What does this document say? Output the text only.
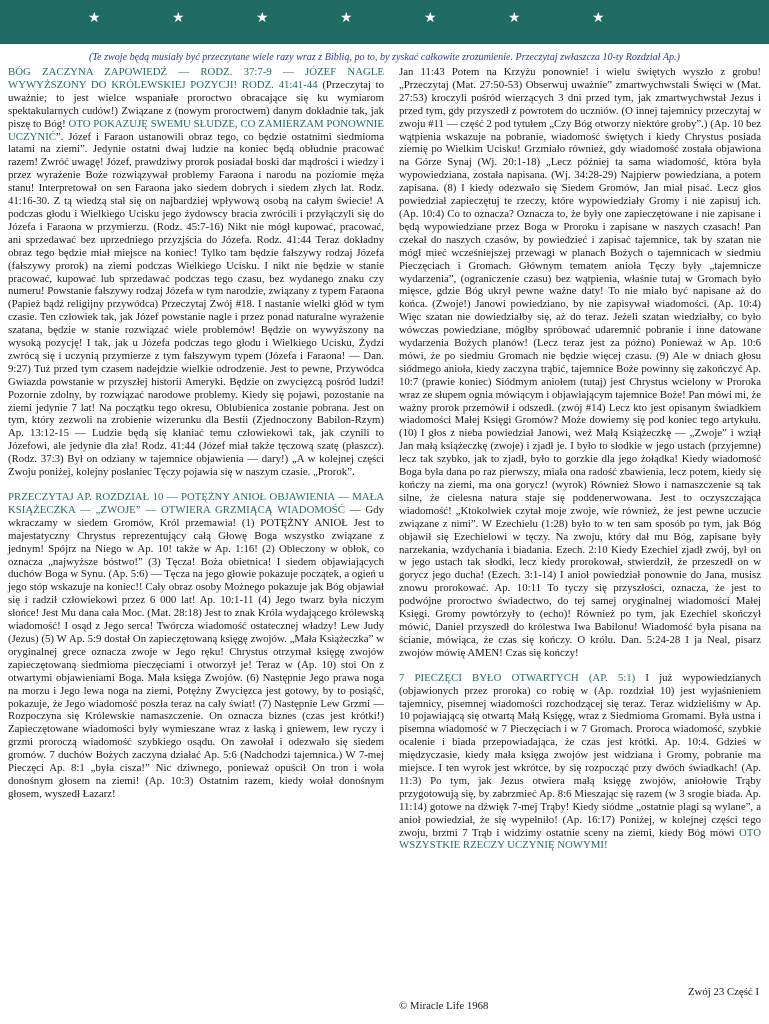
★	★	★	★	★	★	★
(Te zwoje będą musiały być przeczytane wiele razy wraz z Biblią, po to, by zyskać całkowite zrozumienie. Przeczytaj zwłaszcza 10-ty Rozdział Ap.)

BÓG ZACZYNA ZAPOWIEDŹ — RODZ. 37:7-9 — JÓZEF NAGLE WYWYŻSZONY DO KRÓLEWSKIEJ POZYCJI! RODZ. 41:41-44 (Przeczytaj to uważnie; to jest wielce wspaniałe proroctwo obracające się ku wymiarom spektakularnych cudów!) Związane z (nowym proroctwem) danym dokładnie tak, jak piszę to Bóg! OTO POKAZUJĘ SWEMU SŁUDZE, CO ZAMIERZAM PONOWNIE UCZYNIĆ”. Józef i Faraon ustanowili obraz tego, co będzie ostatnimi siedmioma latami na ziemi”. Jedynie ostatni dwaj ludzie na koniec będą obłudnie pracować razem! Zwróć uwagę! Józef, prawdziwy prorok posiadał boski dar mądrości i wiedzy i przez wyrażenie Boże rozwiązywał problemy Faraona i narodu na poziomie męża stanu! Interpretował on sen Faraona jako siedem dobrych i siedem złych lat. Rodz. 41:16-30. Z tą wiedzą stał się on najbardziej wpływową osobą na całym świecie! A podczas głodu i Wielkiego Ucisku jego żydowscy bracia zwrócili i przyłączyli się do Józefa i Faraona w przymierzu. (Rodz. 45:7-16) Nikt nie mógł kupować, pracować, ani sprzedawać bez uprzedniego przyzjścia do Józefa. Rodz. 41:44 Teraz dokładny obraz tego będzie miał miejsce na koniec! Tylko tam będzie fałszywy rodzaj Józefa (fałszywy prorok) na ziemi podczas Wielkiego Ucisku. I nikt nie będzie w stanie pracować, kupować lub sprzedawać podczas tego czasu, bez wydanego znaku czy numeru! Powstanie fałszywy rodzaj Józefa w tym narodzie, związany z typem Faraona (Papież bądź religijny przywódca) Przeczytaj Zwój #18. I nastanie wielki głód w tym czasie. Ten człowiek tak, jak Józef powstanie nagle i przez ponad naturalne wyrażenie szatana, będzie w stanie rozwiązać wiele problemów! Będzie on wywyższony na wysoką pozycję! I tak, jak u Józefa podczas tego głodu i Wielkiego Ucisku, Żydzi zwrócą się i uczynią przymierze z tym fałszywym typem (Józefa i Faraona! — Dan. 9:27) Tuż przed tym czasem nadejdzie wielkie odrodzenie. Jest to pewne, Przywódca Gwiazda powstanie w przyszłej historii Ameryki. Będzie on zwycięzcą pośród ludzi! Pozornie zdolny, by rozwiązać narodowe problemy. Kiedy się pojawi, pozostanie na ziemi jedynie 7 lat! Na początku tego okresu, Oblubienica zostanie pobrana. Jest on tym, który zezwoli na zrobienie wizerunku dla Bestii (Zjednoczony Babilon-Rzym) Ap. 13:12-15 — Ludzie będą się kłaniać temu człowiekowi tak, jak czynili to Józefowi, ale jedynie dla zła! Rodz. 41:44 (Józef miał także tęczową szatę (płaszcz). (Rodz. 37:3) Był on odziany w tajemnice objawienia — dary!) „A w kolejnej części Zwoju poniżej, kolejny posłaniec Tęczy pojawia się w naszym czasie. „Prorok”.

PRZECZYTAJ AP. ROZDZIAŁ 10 — POTĘŻNY ANIOŁ OBJAWIENIA — MAŁA KSIĄŻECZKA — „ZWOJE” — OTWIERA GRZMIĄCĄ WIADOMOŚĆ — Gdy wkraczamy w siedem Gromów, Król przemawia! (1) POTĘŻNY ANIOŁ Jest to majestatyczny Chrystus reprezentujący całą Głowę Boga wszystko związane z jednym! Spójrz na Niego w Ap. 10! także w Ap. 1:16! (2) Obleczony w obłok, co oznacza „najwyższe bóstwo!” (3) Tęcza! Boża obietnica! I siedem objawiających duchów Boga w Synu. (Ap. 5:6) — Tęcza na jego głowie pokazuje początek, a ogień u jego stóp wskazuje na koniec!! Cały obraz osoby Możnego pokazuje jak Bóg objawiał się i radził człowiekowi przez 6 000 lat! Ap. 10:1-11 (4) Jego twarz była niczym słońce! Jest Mu dana cała Moc. (Mat. 28:18) Jest to znak Króla wydającego królewską wiadomość! I osąd z Jego serca! Twórcza wiadomość ostatecznej władzy! Lew Judy (Jezus) (5) W Ap. 5:9 dostał On zapieczętowaną księgę zwojów. „Mała Książeczka” w oryginalnej grece oznacza zwoje w Jego ręku! Chrystus otrzymał księgę zwojów zapieczętowaną siedmioma pieczęciami i otworzył je! Teraz w (Ap. 10) stoi On z otwartymi objawieniami Boga. Mała księga Zwojów. (6) Następnie Jego prawa noga na morzu i Jego lewa noga na ziemi, Potężny Zwycięzca jest gotowy, by to posiąść, pokazuje, że Jego wiadomość poszła teraz na cały świat! (7) Następnie Lew Grzmi — Rozpoczyna się Królewskie namaszczenie. On oznacza biznes (czas jest krótki!) Zapieczętowane wiadomości były wymieszane wraz z łaską i gniewem, lew ryczy i grzmi proroczą wiadomość szybkiego osądu. On zawołał i odezwało się siedem gromów. 7 duchów Bożych zaczyna działać Ap. 5:6 (Nadchodzi tajemnica.) W 7-mej Pieczęci Ap. 8:1 „była cisza!” Nic dziwnego, ponieważ opuścił On tron i woła donośnym głosem na ziemi! (Ap. 10:3) Ostatnim razem, kiedy wołał donośnym głosem, wyszedł Łazarz!

Jan 11:43 Potem na Krzyżu ponownie! i wielu świętych wyszło z grobu! „Przeczytaj (Mat. 27:50-53) Obserwuj uważnie” zmartwychwstali Święci w (Mat. 27:53) kroczyli pośród wierzących 3 dni przed tym, jak zmartwychwstał Jezus i przed tym, gdy przyszedł z powrotem do uczniów. (O innej tajemnicy przeczytaj w zwoju #11 — część 2 pod tytułem „Czy Bóg otworzy niektóre groby”.) (Ap. 10 bez wątpienia wskazuje na pobranie, wiadomość świętych i kiedy Chrystus posiada ziemię po Wielkim Ucisku! Grzmiało również, gdy wiadomość została objawiona na Górze Synaj (Wj. 20:1-18) „Lecz później ta sama wiadomość, która była wypowiedziana, została napisana. (Wj. 34:28-29) Najpierw powiedziana, a potem zapisana. (8) I kiedy odezwało się Siedem Gromów, Jan miał pisać. Lecz głos powiedział zapieczętuj te rzeczy, które wypowiedziały Gromy i nie zapisuj ich. (Ap. 10:4) Co to oznacza? Oznacza to, że były one zapieczętowane i nie zapisane i będą wypowiedziane przez Boga w Proroku i zapisane w naszych czasach! Pan czekał do naszych czasów, by powiedzieć i zapisać tajemnice, tak by szatan nie mógł mieć wcześniejszej przewagi w planach Bożych o tajemnicach w siedmiu Pieczęciach i Gromach. Głównym tematem anioła Tęczy były „tajemnicze wydarzenia”, (ograniczenie czasu) bez wątpienia, właśnie tutaj w Gromach było mięsce, gdzie Bóg ukrył pewne ważne daty! To nie miało być napisane aż do końca. (Zwoje!) Janowi powiedziano, by nie zapisywał wiadomości. (Ap. 10:4) Więc szatan nie dowiedziałby się, aż do teraz. Jeżeli szatan wiedziałby, co było wówczas powiedziane, mógłby spróbować udaremnić pobranie i inne datowane wydarzenia Bożych planów! (Lecz teraz jest za późno) Ponieważ w Ap. 10:6 mówi, że po siedmiu Gromach nie będzie więcej czasu. (9) Ale w dniach głosu siódmego anioła, kiedy zaczyna trąbić, tajemnice Boże powinny się zakończyć Ap. 10:7 (prawie koniec) Siódmym aniołem (tutaj) jest Chrystus wcielony w Proroka wraz ze słupem ognia mówiącym i objawiającym tajemnice Boże! Pan mówi mi, że ważny prorok przemówił i odszedł. (zwój #14) Lecz kto jest opisanym świadkiem wiadomości Małej Księgi Gromów? Może dowiemy się pod koniec tego artykułu. (10) I głos z nieba powiedział Janowi, weź Małą Książeczkę — „Zwoje” i wziął Jan małą książeczkę (zwoje) i zjadł je. I było to słodkie w jego ustach (przyjemne) lecz tak szybko, jak to zjadł, było to gorzkie dla jego żołądka! Kiedy wiadomość Boga była dana po raz pierwszy, miała ona radość zbawienia, lecz potem, kiedy się kończy na ziemi, ma ona gorycz! (wyrok) Również Słowo i namaszczenie są tak silne, że cielesna natura staje się poddenerwowana. Jest to oczyszczająca wiadomość! „Ktokolwiek czytał moje zwoje, wie również, że jest pewne uczucie związane z nimi”. W Ezechielu (1:28) było to w ten sam sposób po tym, jak Bóg objawił się Ezechielowi w tęczy. Na zwoju, który dał mu Bóg, zapisane były narzekania, wzdychania i biadania. Ezech. 2:10 Kiedy Ezechiel zjadł zwój, był on w jego ustach tak słodki, lecz kiedy prorokował, stwierdził, że przeszedł on w gorycz jego ducha! (Ezech. 3:1-14) I anioł powiedział ponownie do Jana, musisz znowu prorokować. Ap. 10:11 To tyczy się przyszłości, oznacza, że jest to podwójne proroctwo świadectwo, do tej samej oryginalnej wiadomości Małej Księgi. Gromy powtórzyły to (echo)! Również po tym, jak Ezechiel skończył mówić, Daniel przyszedł do królestwa Iwa Babilonu! Wiadomość była pisana na ścianie, mówiąca, że czas się kończy. O królu. Dan. 5:24-28 I ja Neal, pisarz zwojów mówię AMEN! Czas się kończy!

7 PIECZĘCI BYŁO OTWARTYCH (AP. 5:1) I już wypowiedzianych (objawionych przez proroka) co robię w (Ap. rozdział 10) jest wyjaśnieniem tajemnicy, pisemnej wiadomości rozchodzącej się teraz. Teraz widzieliśmy w Ap. 10 pojawiającą się otwartą Małą Księgę, wraz z Siedmioma Gromami. Była ustna i pisemna wiadomość w 7 Pieczęciach i w 7 Gromach. Proroca wiadomość, szybkie ocalenie i biada przepowiadająca, że czas jest krótki. Ap. 10:4. Gdzieś w międzyczasie, kiedy mała księga zwojów jest widziana i Gromy, pobranie ma miejsce. I ten wyrok jest wkrótce, by się rozpocząć przy dwóch świadkach! (Ap. 11:3) Po tym, jak Jezus otwiera małą księgę zwojów, aniołowie Trąby przygotowują się, by zabrzmieć Ap. 8:6 Mieszając się razem (w 3 srogie biada. Ap. 11:14) gotowe na dźwięk 7-mej Trąby! Kiedy siódme „ostatnie plagi są wylane”, a anioł powiedział, że się wypełniło! (Ap. 16:17) Poniżej, w kolejnej części tego zwoju, brzmi 7 Trąb i widzimy ostatnie sceny na ziemi, kiedy Bóg mówi OTO WSZYSTKIE RZECZY UCZYNIĘ NOWYMI!

Zwój 23 Część I
© Miracle Life 1968
